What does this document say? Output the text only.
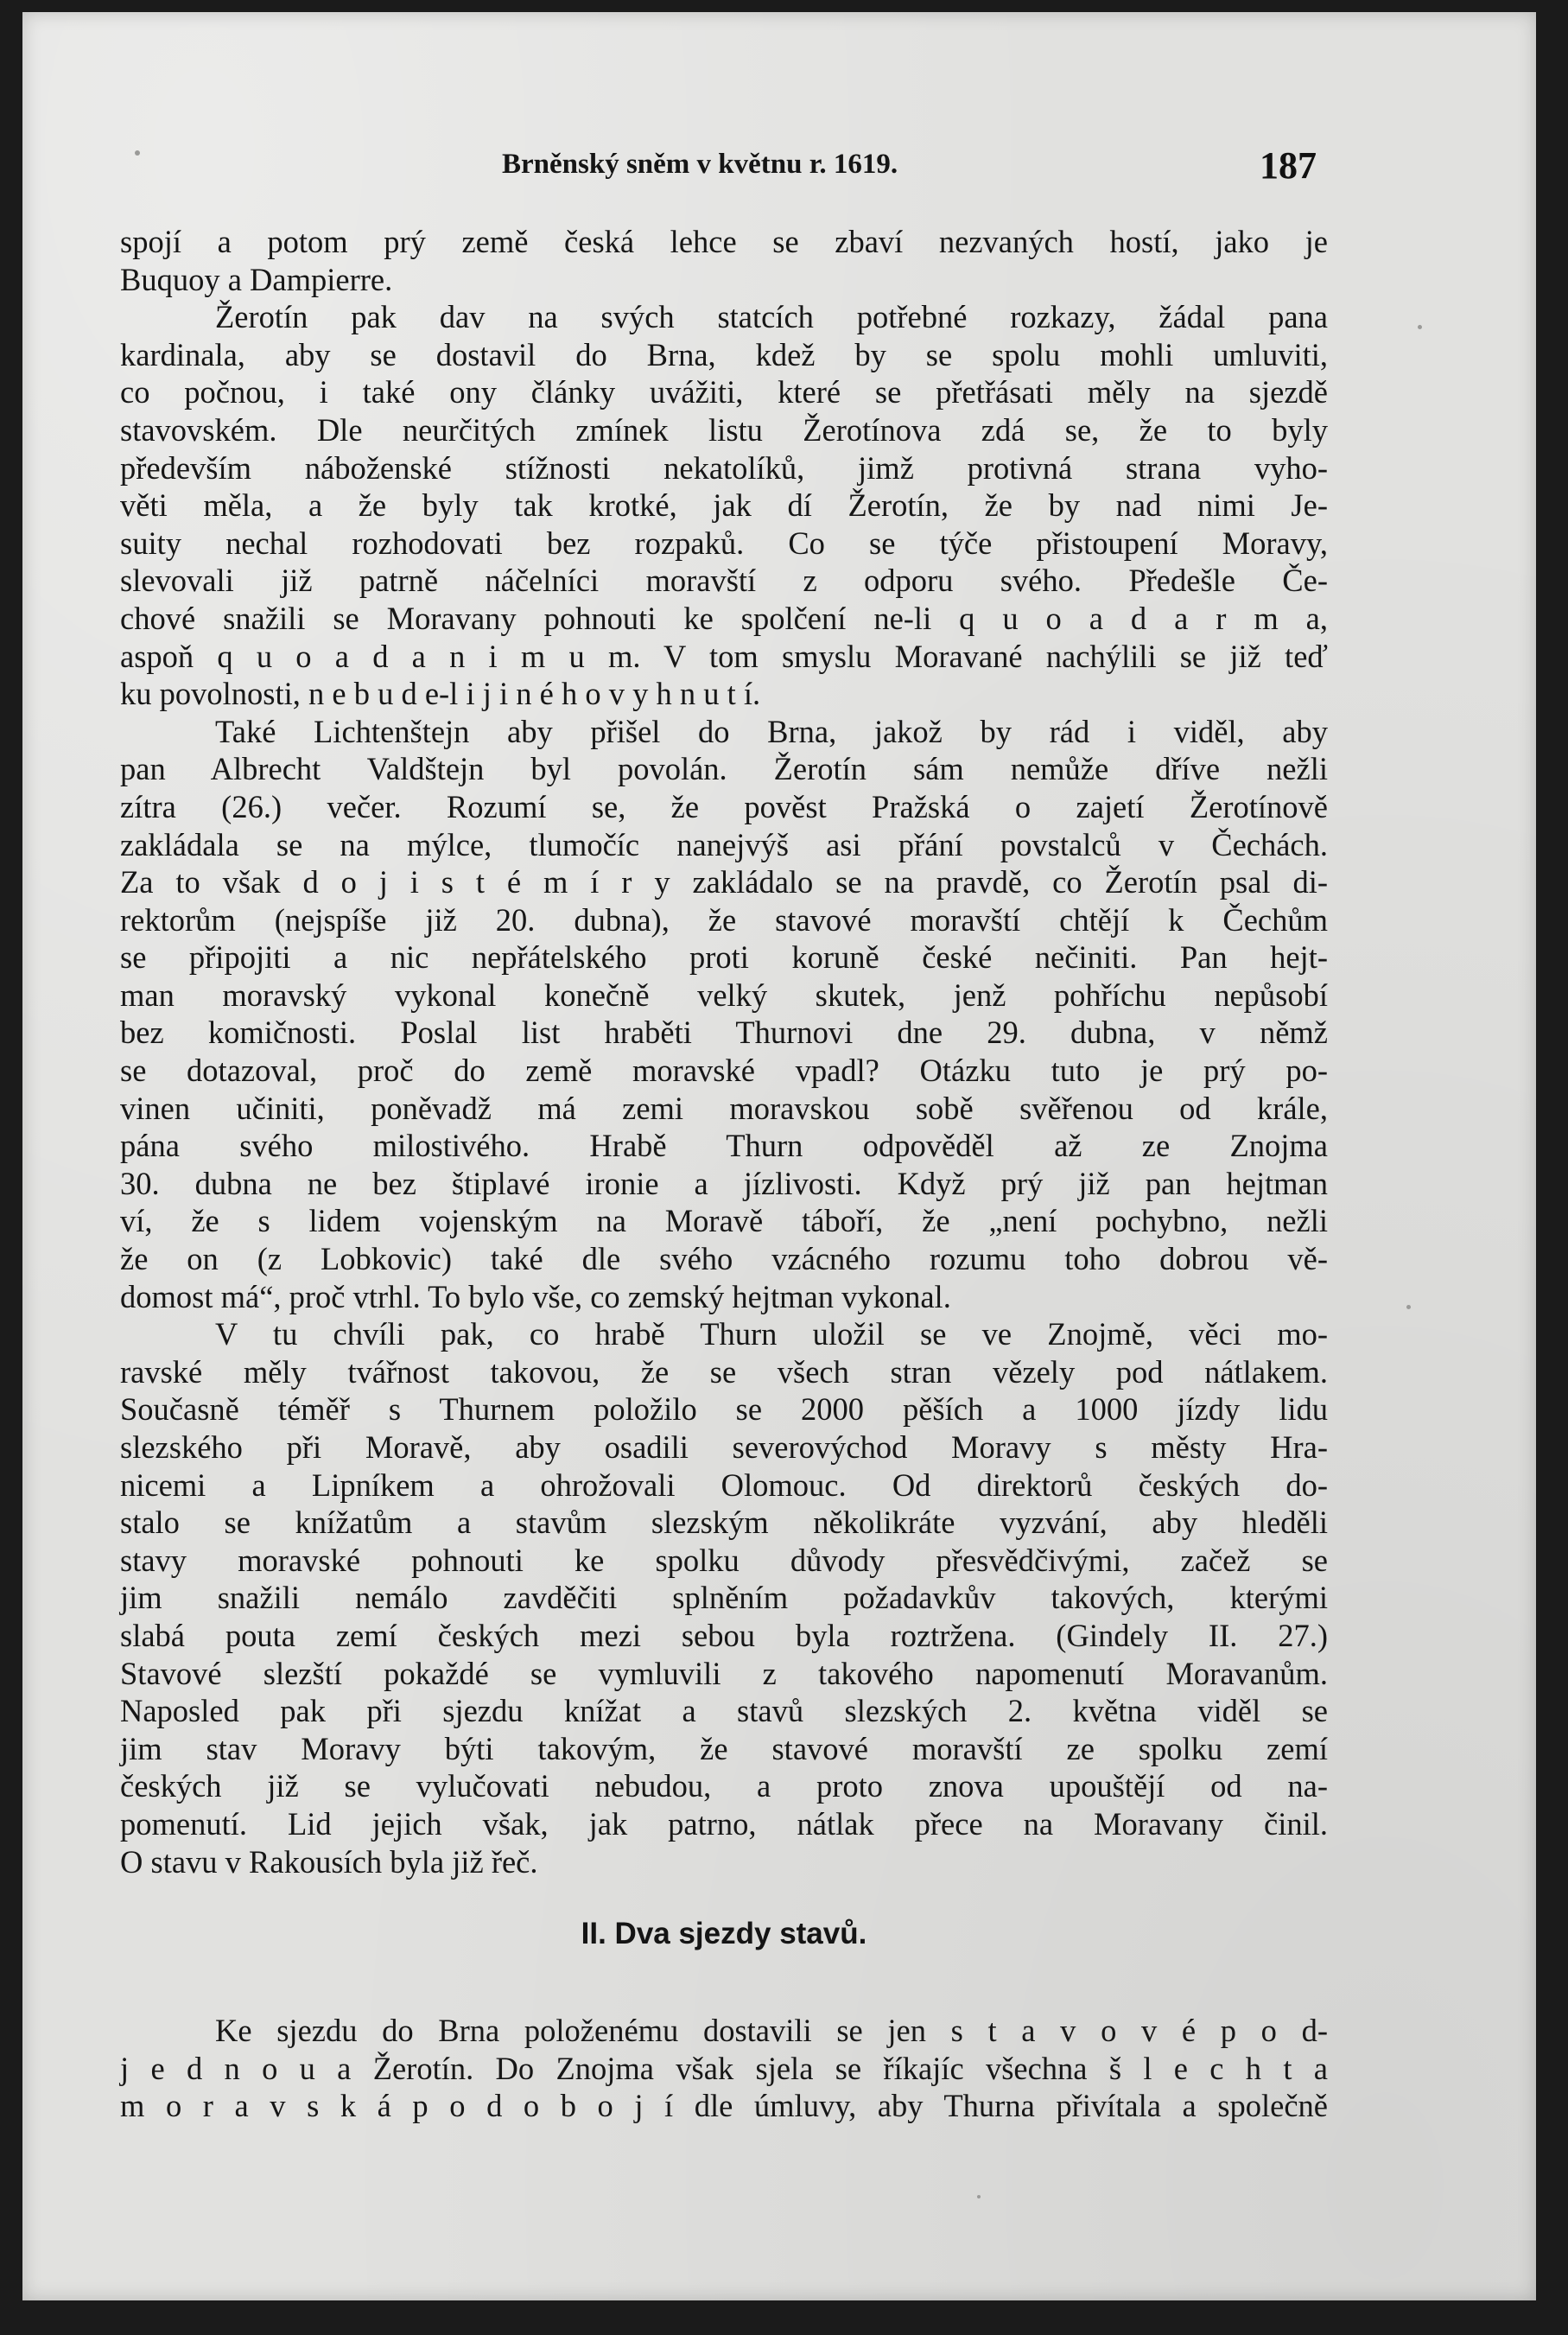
Brněnský sněm v květnu r. 1619.	187
spojí a potom prý země česká lehce se zbaví nezvaných hostí, jako je
Buquoy a Dampierre.
Žerotín pak dav na svých statcích potřebné rozkazy, žádal pana
kardinala, aby se dostavil do Brna, kdež by se spolu mohli umluviti,
co počnou, i také ony články uvážiti, které se přetřásati měly na sjezdě
stavovském. Dle neurčitých zmínek listu Žerotínova zdá se, že to byly
především náboženské stížnosti nekatolíků, jimž protivná strana vyho-
věti měla, a že byly tak krotké, jak dí Žerotín, že by nad nimi Je-
suity nechal rozhodovati bez rozpaků. Co se týče přistoupení Moravy,
slevovali již patrně náčelníci moravští z odporu svého. Předešle Če-
chové snažili se Moravany pohnouti ke spolčení ne-li q u o a d a r m a,
aspoň q u o a d a n i m u m. V tom smyslu Moravané nachýlili se již teď
ku povolnosti, n e b u d e-l i j i n é h o v y h n u t í.
Také Lichtenštejn aby přišel do Brna, jakož by rád i viděl, aby
pan Albrecht Valdštejn byl povolán. Žerotín sám nemůže dříve nežli
zítra (26.) večer. Rozumí se, že pověst Pražská o zajetí Žerotínově
zakládala se na mýlce, tlumočíc nanejvýš asi přání povstalců v Čechách.
Za to však d o j i s t é m í r y zakládalo se na pravdě, co Žerotín psal di-
rektorům (nejspíše již 20. dubna), že stavové moravští chtějí k Čechům
se připojiti a nic nepřátelského proti koruně české nečiniti. Pan hejt-
man moravský vykonal konečně velký skutek, jenž pohříchu nepůsobí
bez komičnosti. Poslal list hraběti Thurnovi dne 29. dubna, v němž
se dotazoval, proč do země moravské vpadl? Otázku tuto je prý po-
vinen učiniti, poněvadž má zemi moravskou sobě svěřenou od krále,
pána svého milostivého. Hrabě Thurn odpověděl až ze Znojma
30. dubna ne bez štiplavé ironie a jízlivosti. Když prý již pan hejtman
ví, že s lidem vojenským na Moravě táboří, že „není pochybno, nežli
že on (z Lobkovic) také dle svého vzácného rozumu toho dobrou vě-
domost má“, proč vtrhl. To bylo vše, co zemský hejtman vykonal.
V tu chvíli pak, co hrabě Thurn uložil se ve Znojmě, věci mo-
ravské měly tvářnost takovou, že se všech stran vězely pod nátlakem.
Současně téměř s Thurnem položilo se 2000 pěších a 1000 jízdy lidu
slezského při Moravě, aby osadili severovýchod Moravy s městy Hra-
nicemi a Lipníkem a ohrožovali Olomouc. Od direktorů českých do-
stalo se knížatům a stavům slezským několikráte vyzvání, aby hleděli
stavy moravské pohnouti ke spolku důvody přesvědčivými, začež se
jim snažili nemálo zavděčiti splněním požadavkův takových, kterými
slabá pouta zemí českých mezi sebou byla roztržena. (Gindely II. 27.)
Stavové slezští pokaždé se vymluvili z takového napomenutí Moravanům.
Naposled pak při sjezdu knížat a stavů slezských 2. května viděl se
jim stav Moravy býti takovým, že stavové moravští ze spolku zemí
českých již se vylučovati nebudou, a proto znova upouštějí od na-
pomenutí. Lid jejich však, jak patrno, nátlak přece na Moravany činil.
O stavu v Rakousích byla již řeč.
II. Dva sjezdy stavů.
Ke sjezdu do Brna položenému dostavili se jen s t a v o v é p o d-
j e d n o u a Žerotín. Do Znojma však sjela se říkajíc všechna š l e c h t a
m o r a v s k á p o d o b o j í dle úmluvy, aby Thurna přivítala a společně
